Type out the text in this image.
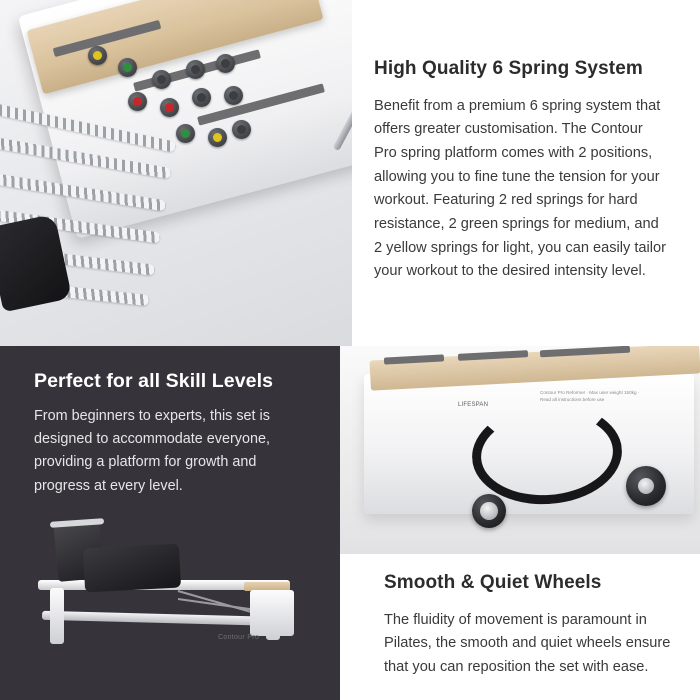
High Quality 6 Spring System

Benefit from a premium 6 spring system that offers greater customisation. The Contour Pro spring platform comes with 2 positions, allowing you to fine tune the tension for your workout. Featuring 2 red springs for hard resistance, 2 green springs for medium, and 2 yellow springs for light, you can easily tailor your workout to the desired intensity level.

Perfect for all Skill Levels

From beginners to experts, this set is designed to accommodate everyone, providing a platform for growth and progress at every level.

Contour Pro
LIFESPAN
Contour Pro Reformer · Max user weight 150kg · Read all instructions before use
Smooth & Quiet Wheels

The fluidity of movement is paramount in Pilates, the smooth and quiet wheels ensure that you can reposition the set with ease.
